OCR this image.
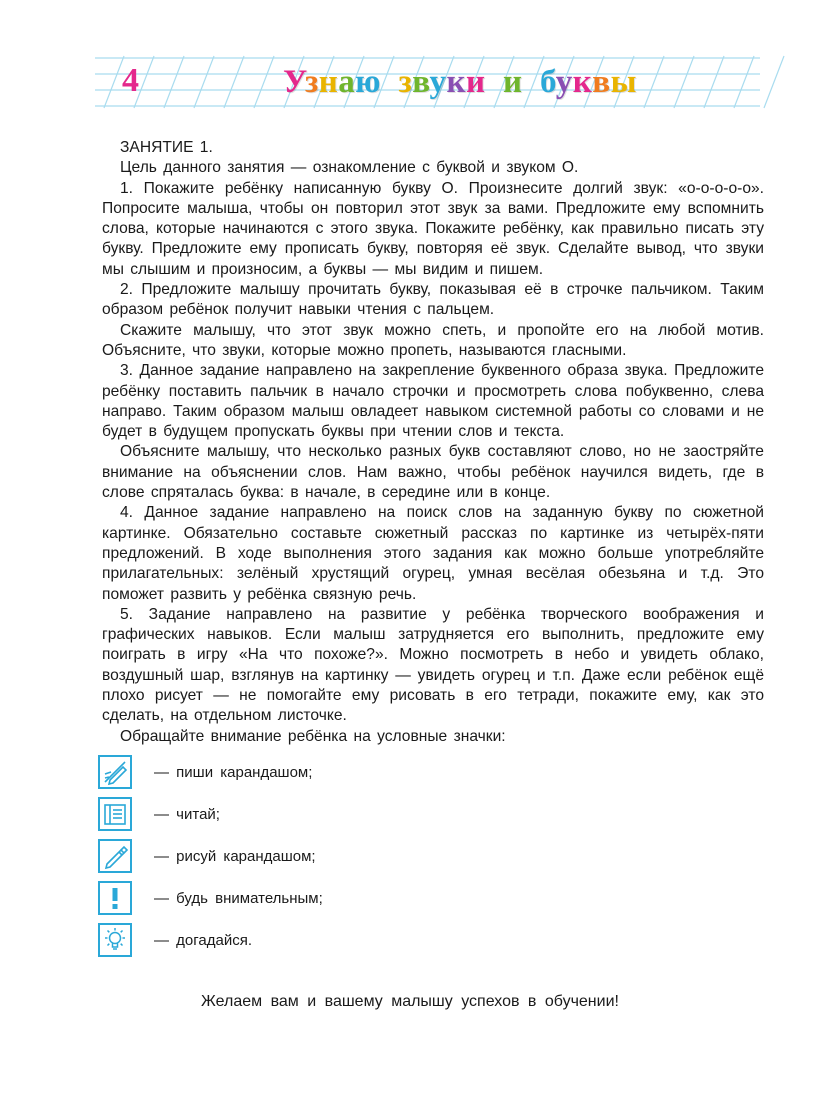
4	Узнаю звуки и буквы

ЗАНЯТИЕ 1.

Цель данного занятия — ознакомление с буквой и звуком О.

1. Покажите ребёнку написанную букву О. Произнесите долгий звук: «о-о-о-о-о». Попросите малыша, чтобы он повторил этот звук за вами. Предложите ему вспомнить слова, которые начинаются с этого звука. Покажите ребёнку, как правильно писать эту букву. Предложите ему прописать букву, повторяя её звук. Сделайте вывод, что звуки мы слышим и произносим, а буквы — мы видим и пишем.

2. Предложите малышу прочитать букву, показывая её в строчке пальчиком. Таким образом ребёнок получит навыки чтения с пальцем.

Скажите малышу, что этот звук можно спеть, и пропойте его на любой мотив. Объясните, что звуки, которые можно пропеть, называются гласными.

3. Данное задание направлено на закрепление буквенного образа звука. Предложите ребёнку поставить пальчик в начало строчки и просмотреть слова побуквенно, слева направо. Таким образом малыш овладеет навыком системной работы со словами и не будет в будущем пропускать буквы при чтении слов и текста.

Объясните малышу, что несколько разных букв составляют слово, но не заостряйте внимание на объяснении слов. Нам важно, чтобы ребёнок научился видеть, где в слове спряталась буква: в начале, в середине или в конце.

4. Данное задание направлено на поиск слов на заданную букву по сюжетной картинке. Обязательно составьте сюжетный рассказ по картинке из четырёх-пяти предложений. В ходе выполнения этого задания как можно больше употребляйте прилагательных: зелёный хрустящий огурец, умная весёлая обезьяна и т.д. Это поможет развить у ребёнка связную речь.

5. Задание направлено на развитие у ребёнка творческого воображения и графических навыков. Если малыш затрудняется его выполнить, предложите ему поиграть в игру «На что похоже?». Можно посмотреть в небо и увидеть облако, воздушный шар, взглянув на картинку — увидеть огурец и т.п. Даже если ребёнок ещё плохо рисует — не помогайте ему рисовать в его тетради, покажите ему, как это сделать, на отдельном листочке.

Обращайте внимание ребёнка на условные значки:

— пиши карандашом;
— читай;
— рисуй карандашом;
— будь внимательным;
— догадайся.
Желаем вам и вашему малышу успехов в обучении!
